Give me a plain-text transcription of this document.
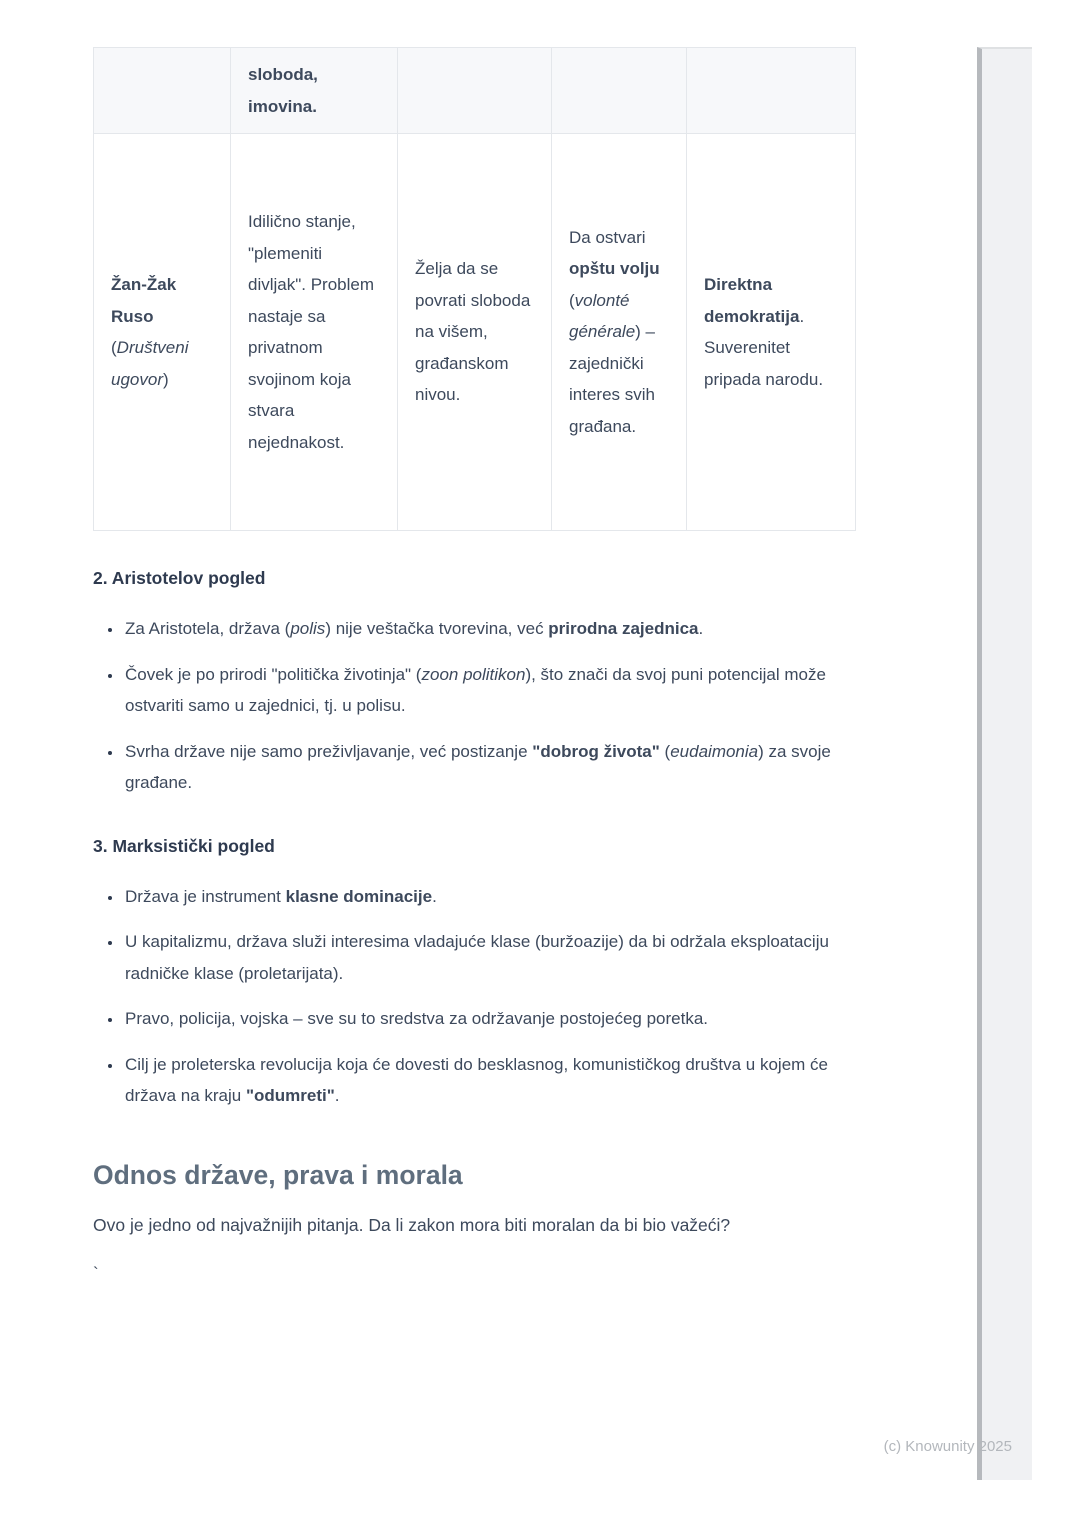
	sloboda, imovina.			
Žan-Žak Ruso (Društveni ugovor)	Idilično stanje, "plemeniti divljak". Problem nastaje sa privatnom svojinom koja stvara nejednakost.	Želja da se povrati sloboda na višem, građanskom nivou.	Da ostvari opštu volju (volonté générale) – zajednički interes svih građana.	Direktna demokratija. Suverenitet pripada narodu.
2. Aristotelov pogled
• Za Aristotela, država (polis) nije veštačka tvorevina, već prirodna zajednica.
• Čovek je po prirodi "politička životinja" (zoon politikon), što znači da svoj puni potencijal može ostvariti samo u zajednici, tj. u polisu.
• Svrha države nije samo preživljavanje, već postizanje "dobrog života" (eudaimonia) za svoje građane.
3. Marksistički pogled
• Država je instrument klasne dominacije.
• U kapitalizmu, država služi interesima vladajuće klase (buržoazije) da bi održala eksploataciju radničke klase (proletarijata).
• Pravo, policija, vojska – sve su to sredstva za održavanje postojećeg poretka.
• Cilj je proleterska revolucija koja će dovesti do besklasnog, komunističkog društva u kojem će država na kraju "odumreti".
Odnos države, prava i morala

Ovo je jedno od najvažnijih pitanja. Da li zakon mora biti moralan da bi bio važeći?

`

(c) Knowunity 2025
